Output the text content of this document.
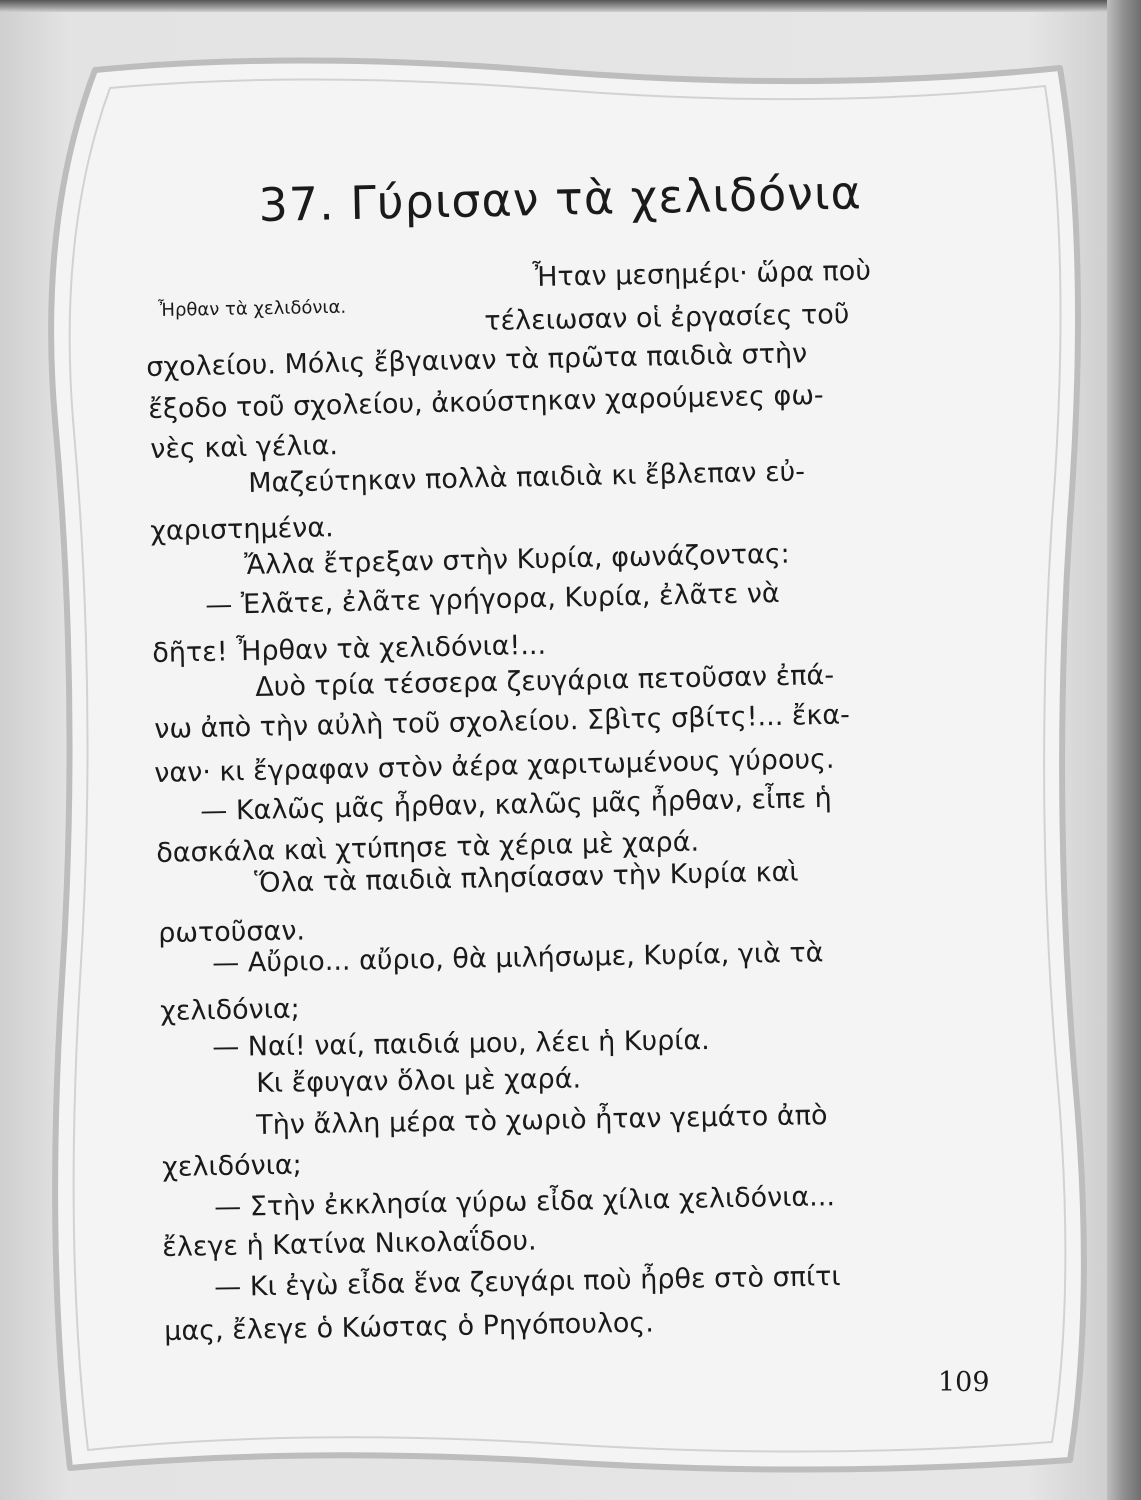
37. Γύρισαν τὰ χελιδόνια
Ἦρθαν τὰ χελιδόνια.
Ἦταν μεσημέρι· ὥρα ποὺ
τέλειωσαν οἱ ἐργασίες τοῦ
σχολείου. Μόλις ἔβγαιναν τὰ πρῶτα παιδιὰ στὴν
ἔξοδο τοῦ σχολείου, ἀκούστηκαν χαρούμενες φω-
νὲς καὶ γέλια.
Μαζεύτηκαν πολλὰ παιδιὰ κι ἔβλεπαν εὐ-
χαριστημένα.
Ἄλλα ἔτρεξαν στὴν Κυρία, φωνάζοντας:
— Ἐλᾶτε, ἐλᾶτε γρήγορα, Κυρία, ἐλᾶτε νὰ
δῆτε! Ἦρθαν τὰ χελιδόνια!...
Δυὸ τρία τέσσερα ζευγάρια πετοῦσαν ἐπά-
νω ἀπὸ τὴν αὐλὴ τοῦ σχολείου. Σβὶτς σβίτς!... ἔκα-
ναν· κι ἔγραφαν στὸν ἀέρα χαριτωμένους γύρους.
— Καλῶς μᾶς ἦρθαν, καλῶς μᾶς ἦρθαν, εἶπε ἡ
δασκάλα καὶ χτύπησε τὰ χέρια μὲ χαρά.
Ὅλα τὰ παιδιὰ πλησίασαν τὴν Κυρία καὶ
ρωτοῦσαν.
— Αὔριο... αὔριο, θὰ μιλήσωμε, Κυρία, γιὰ τὰ
χελιδόνια;
— Ναί! ναί, παιδιά μου, λέει ἡ Κυρία.
Κι ἔφυγαν ὅλοι μὲ χαρά.
Τὴν ἄλλη μέρα τὸ χωριὸ ἦταν γεμάτο ἀπὸ
χελιδόνια;
— Στὴν ἐκκλησία γύρω εἶδα χίλια χελιδόνια...
ἔλεγε ἡ Κατίνα Νικολαΐδου.
— Κι ἐγὼ εἶδα ἕνα ζευγάρι ποὺ ἦρθε στὸ σπίτι
μας, ἔλεγε ὁ Κώστας ὁ Ρηγόπουλος.
109
